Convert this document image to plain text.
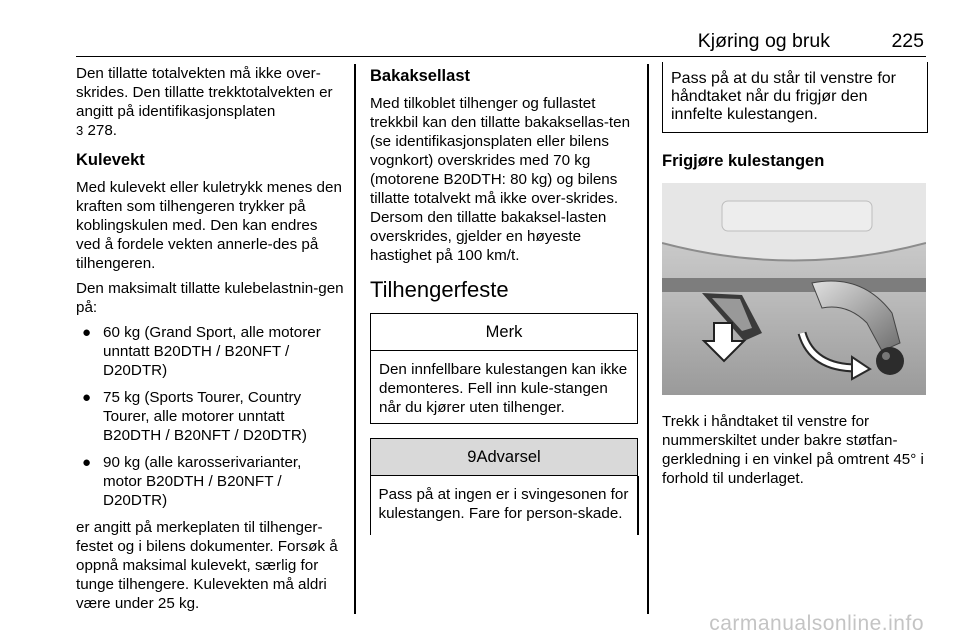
Kjøring og bruk	225

Den tillatte totalvekten må ikke over-skrides. Den tillatte trekktotalvekten er angitt på identifikasjonsplaten
3 278.

Kulevekt

Med kulevekt eller kuletrykk menes den kraften som tilhengeren trykker på koblingskulen med. Den kan endres ved å fordele vekten annerle-des på tilhengeren.

Den maksimalt tillatte kulebelastnin-gen på:

● 60 kg (Grand Sport, alle motorer unntatt B20DTH / B20NFT / D20DTR)
● 75 kg (Sports Tourer, Country Tourer, alle motorer unntatt B20DTH / B20NFT / D20DTR)
● 90 kg (alle karosserivarianter, motor B20DTH / B20NFT / D20DTR)

er angitt på merkeplaten til tilhenger-festet og i bilens dokumenter. Forsøk å oppnå maksimal kulevekt, særlig for tunge tilhengere. Kulevekten må aldri være under 25 kg.

Bakaksellast

Med tilkoblet tilhenger og fullastet trekkbil kan den tillatte bakaksellas-ten (se identifikasjonsplaten eller bilens vognkort) overskrides med 70 kg (motorene B20DTH: 80 kg) og bilens tillatte totalvekt må ikke over-skrides. Dersom den tillatte bakaksel-lasten overskrides, gjelder en høyeste hastighet på 100 km/t.

Tilhengerfeste
Merk
Den innfellbare kulestangen kan ikke demonteres. Fell inn kule-stangen når du kjører uten tilhenger.
9Advarsel
Pass på at ingen er i svingesonen for kulestangen. Fare for person-skade.
Pass på at du står til venstre for håndtaket når du frigjør den innfelte kulestangen.
Frigjøre kulestangen

Trekk i håndtaket til venstre for nummerskiltet under bakre støtfan-gerkledning i en vinkel på omtrent 45° i forhold til underlaget.

carmanualsonline.info
